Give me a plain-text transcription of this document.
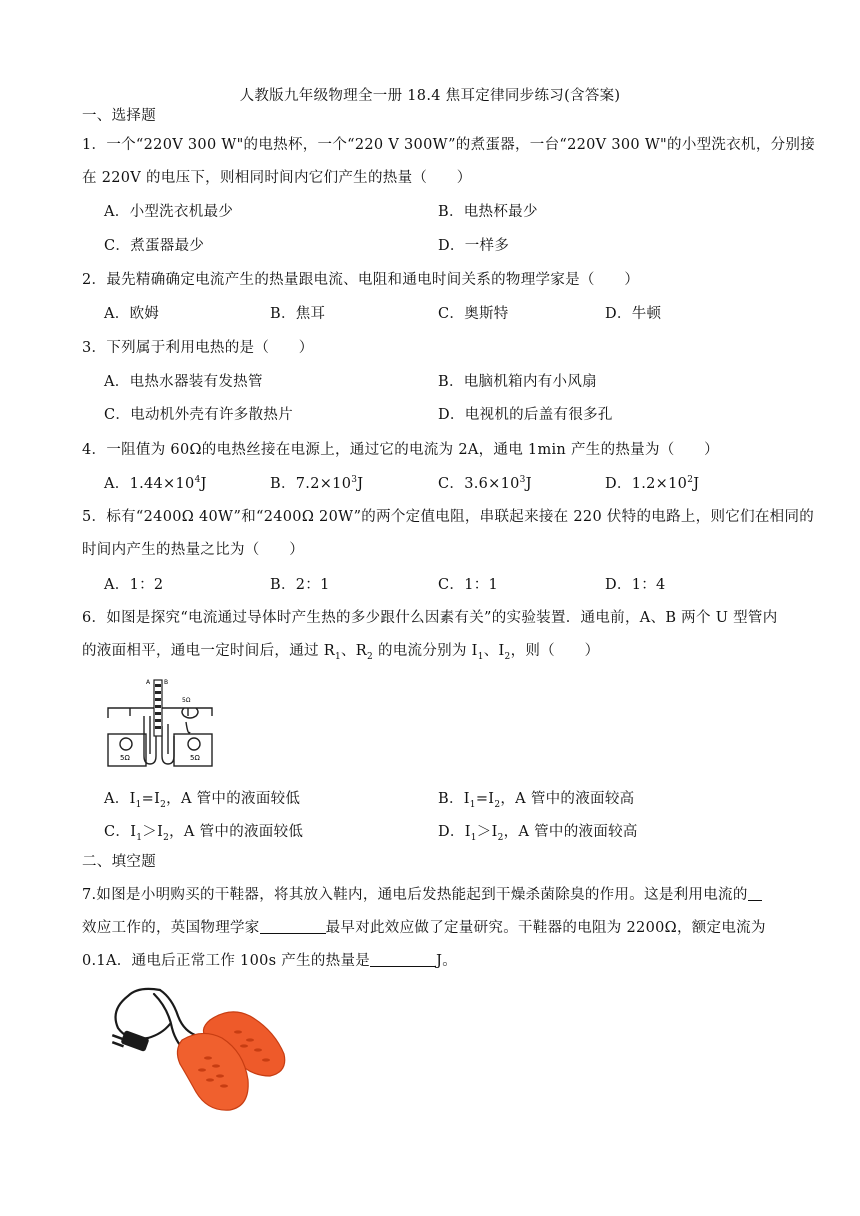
人教版九年级物理全一册 18.4 焦耳定律同步练习(含答案)
一、选择题
1．一个“220V 300 W"的电热杯，一个“220 V 300W”的煮蛋器，一台“220V 300 W"的小型洗衣机，分别接
在 220V 的电压下，则相同时间内它们产生的热量（　　）
A．小型洗衣机最少	B．电热杯最少
C．煮蛋器最少	D．一样多
2．最先精确确定电流产生的热量跟电流、电阻和通电时间关系的物理学家是（　　）
A．欧姆	B．焦耳	C．奥斯特	D．牛顿
3．下列属于利用电热的是（　　）
A．电热水器装有发热管	B．电脑机箱内有小风扇
C．电动机外壳有许多散热片	D．电视机的后盖有很多孔
4．一阻值为 60Ω的电热丝接在电源上，通过它的电流为 2A，通电 1min 产生的热量为（　　）
A．$1.44\times 10^4J$	B．$7.2\times 10^3J$	C．$3.6\times 10^3J$	D．$1.2\times 10^2J$
5．标有“2400Ω 40W”和“2400Ω 20W”的两个定值电阻，串联起来接在 220 伏特的电路上，则它们在相同的
时间内产生的热量之比为（　　）
A．1：2	B．2：1	C．1：1	D．1：4
6．如图是探究“电流通过导体时产生热的多少跟什么因素有关”的实验装置．通电前，A、B 两个 U 型管内
的液面相平，通电一定时间后，通过 $R_1$、$R_2$ 的电流分别为 $I_1$、$I_2$，则（　　）
A B
5Ω	5Ω
5Ω
A．$I_1=I_2$，A 管中的液面较低	B．$I_1=I_2$，A 管中的液面较高
C．$I_1>I_2$，A 管中的液面较低	D．$I_1>I_2$，A 管中的液面较高
二、填空题
7.如图是小明购买的干鞋器，将其放入鞋内，通电后发热能起到干燥杀菌除臭的作用。这是利用电流的
效应工作的，英国物理学家	最早对此效应做了定量研究。干鞋器的电阻为 2200Ω，额定电流为
0.1A．通电后正常工作 100s 产生的热量是	J。
